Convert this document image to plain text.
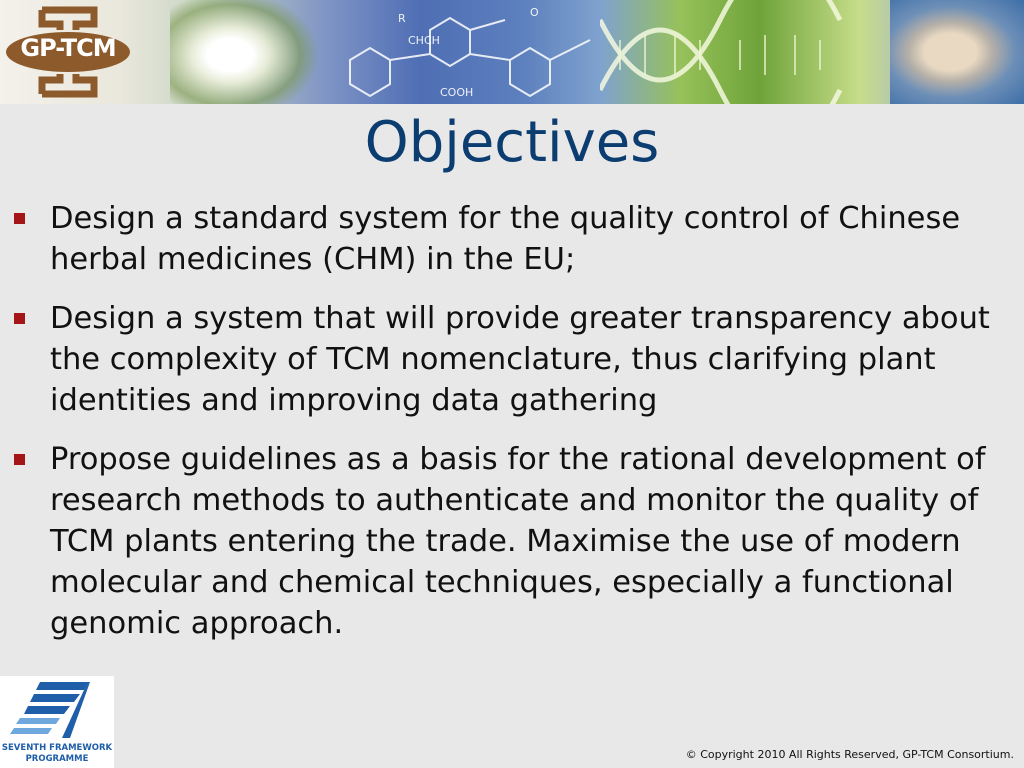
R
CHCH
COOH
O
GP-TCM
Objectives
Design a standard system for the quality control of Chinese herbal medicines (CHM) in the EU;
Design a system that will provide greater transparency about the complexity of TCM nomenclature, thus clarifying plant identities and improving data gathering
Propose guidelines as a basis for the rational development of research methods to authenticate and monitor the quality of TCM plants entering the trade. Maximise the use of modern molecular and chemical techniques, especially a functional genomic approach.
SEVENTH FRAMEWORK
PROGRAMME	© Copyright 2010 All Rights Reserved, GP-TCM Consortium.
